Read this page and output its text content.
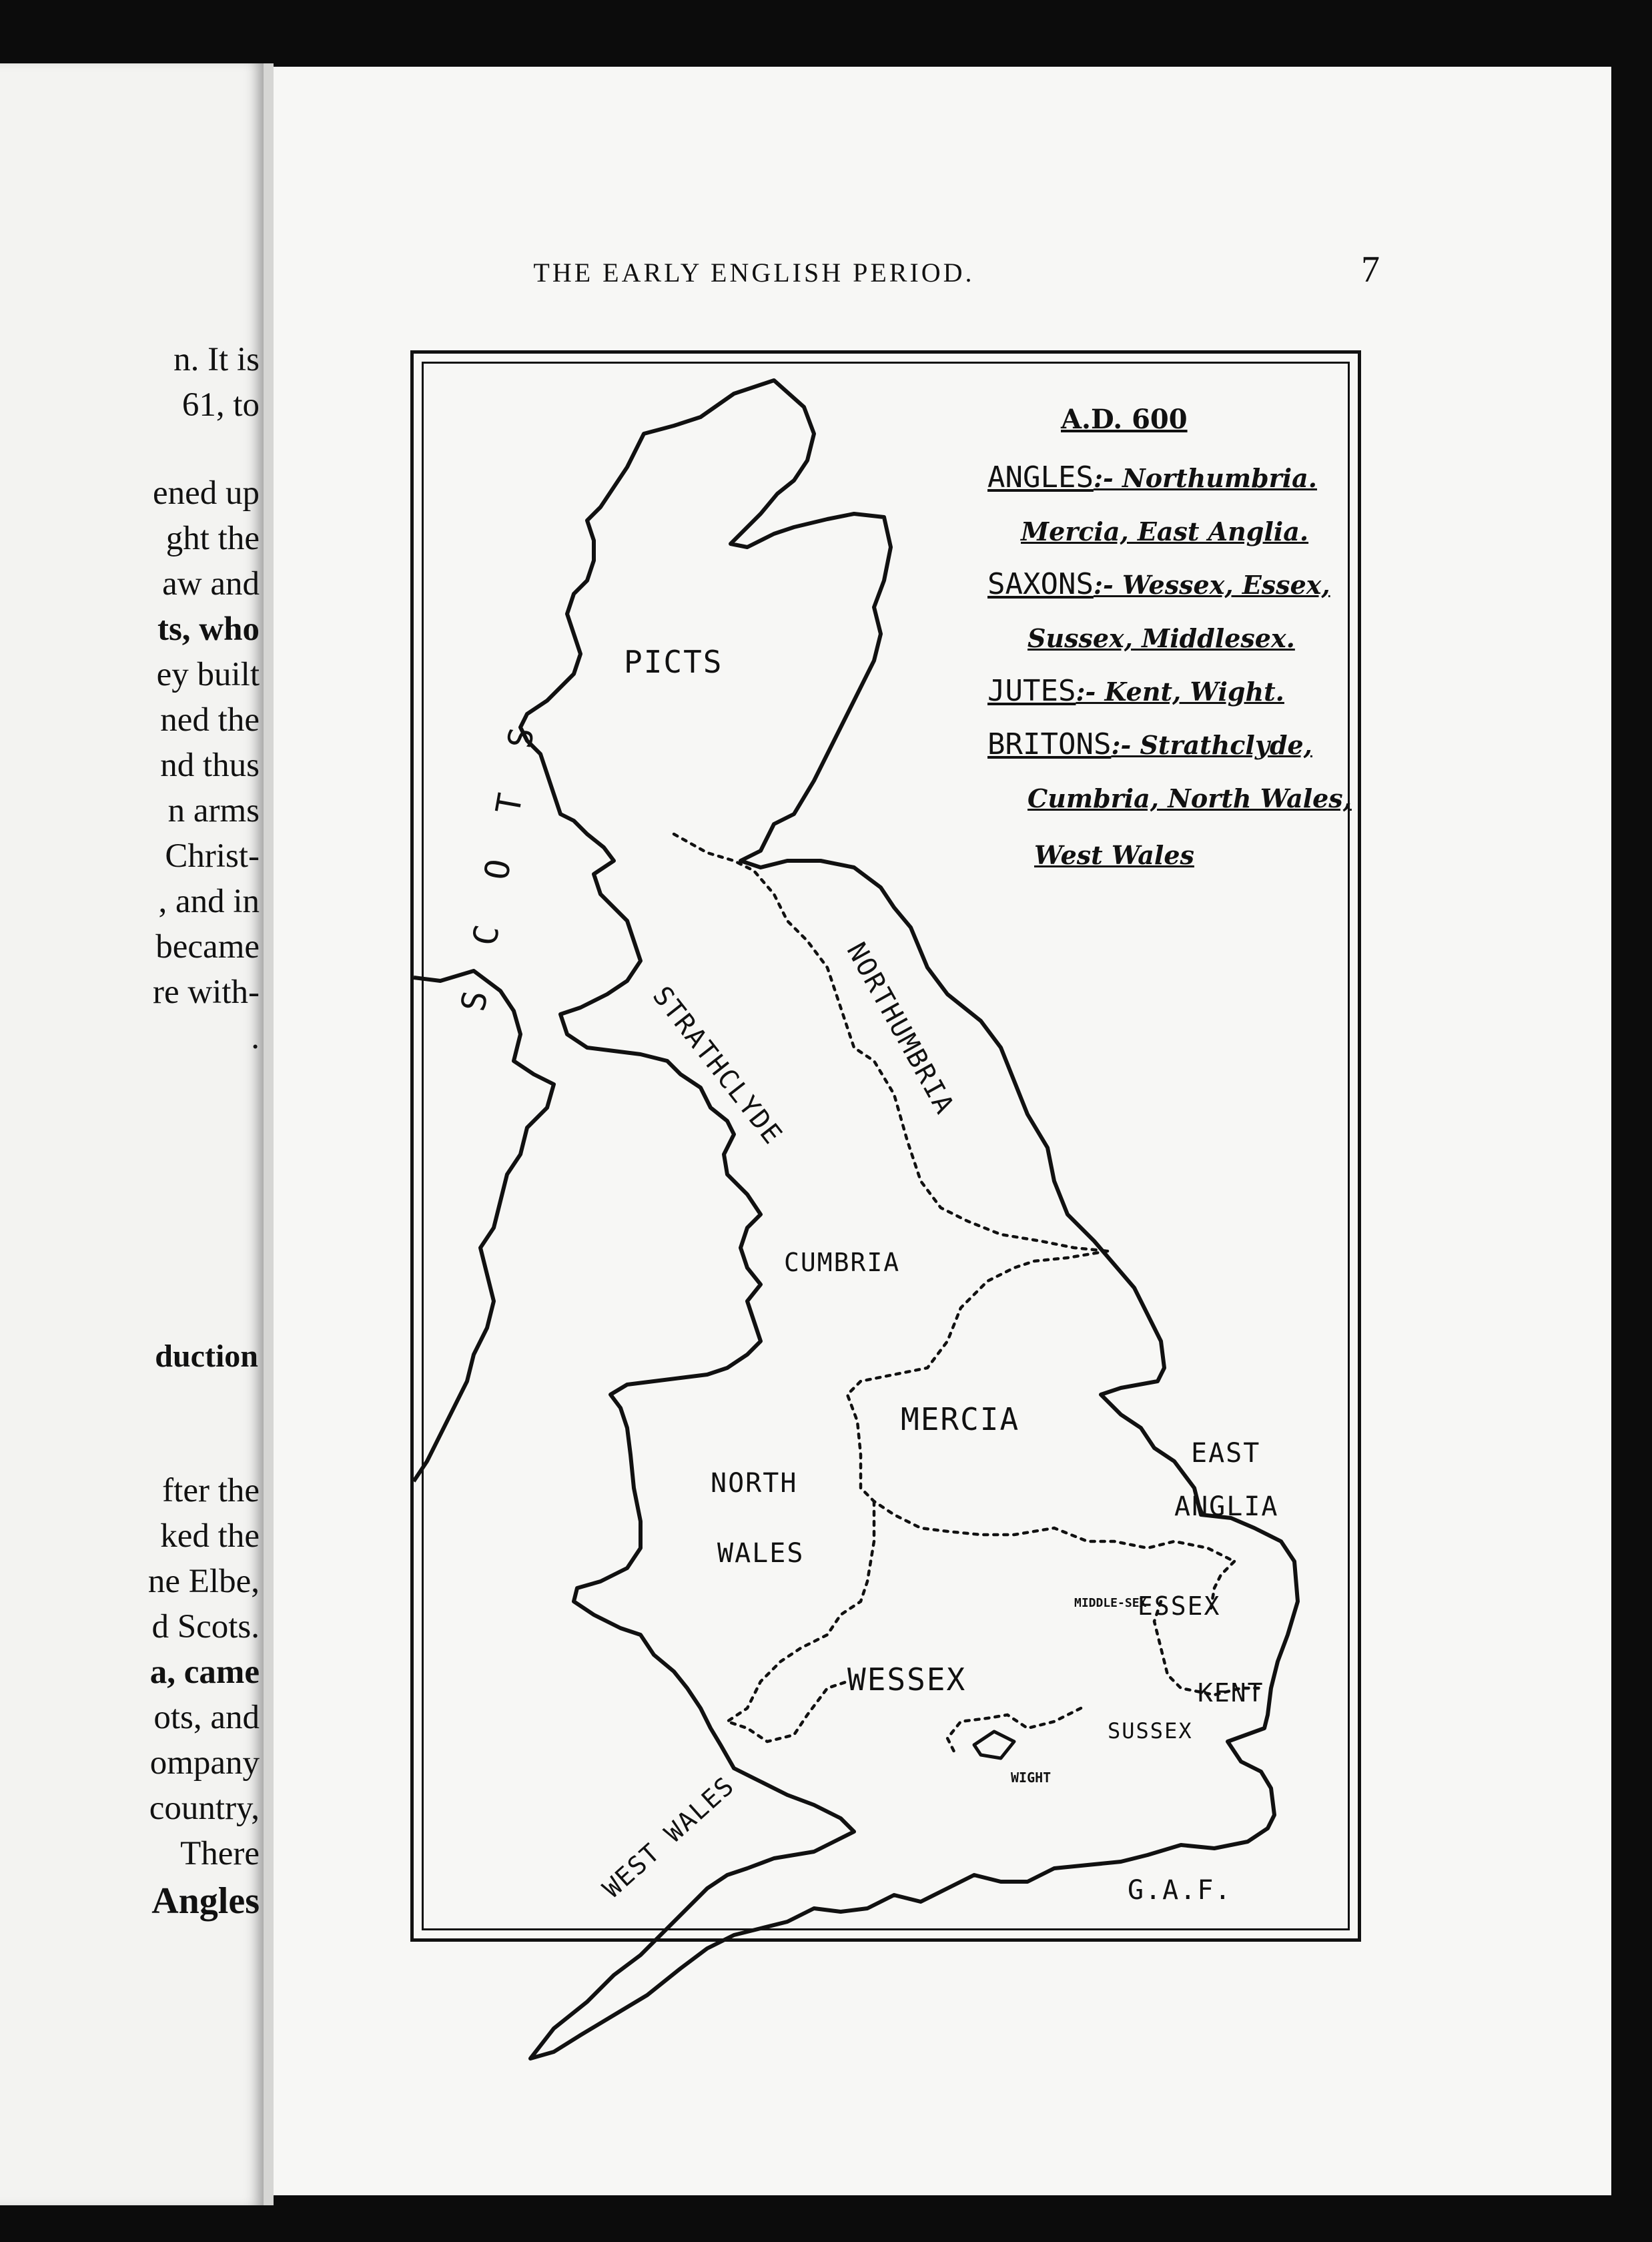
n. It is
61, to
ened up
ght the
aw and
ts, who
ey built
ned the
nd thus
n arms
Christ-
, and in
became
re with-
.
duction
fter the
ked the
ne Elbe,
d Scots.
a, came
ots, and
ompany
country,
There
Angles
THE EARLY ENGLISH PERIOD.	7
PICTS
SCOTS
STRATHCLYDE NORTHUMBRIA
CUMBRIA
MERCIA
EAST
ANGLIA
NORTH
WALES
MIDDLE-SEX
ESSEX
KENT
WESSEX
SUSSEX
WEST WALES	WIGHT
A.D. 600
ANGLES:- Northumbria.
Mercia, East Anglia.
SAXONS:- Wessex, Essex,
Sussex, Middlesex.
JUTES:- Kent, Wight.
BRITONS:- Strathclyde,
Cumbria, North Wales,
West Wales
G.A.F.
